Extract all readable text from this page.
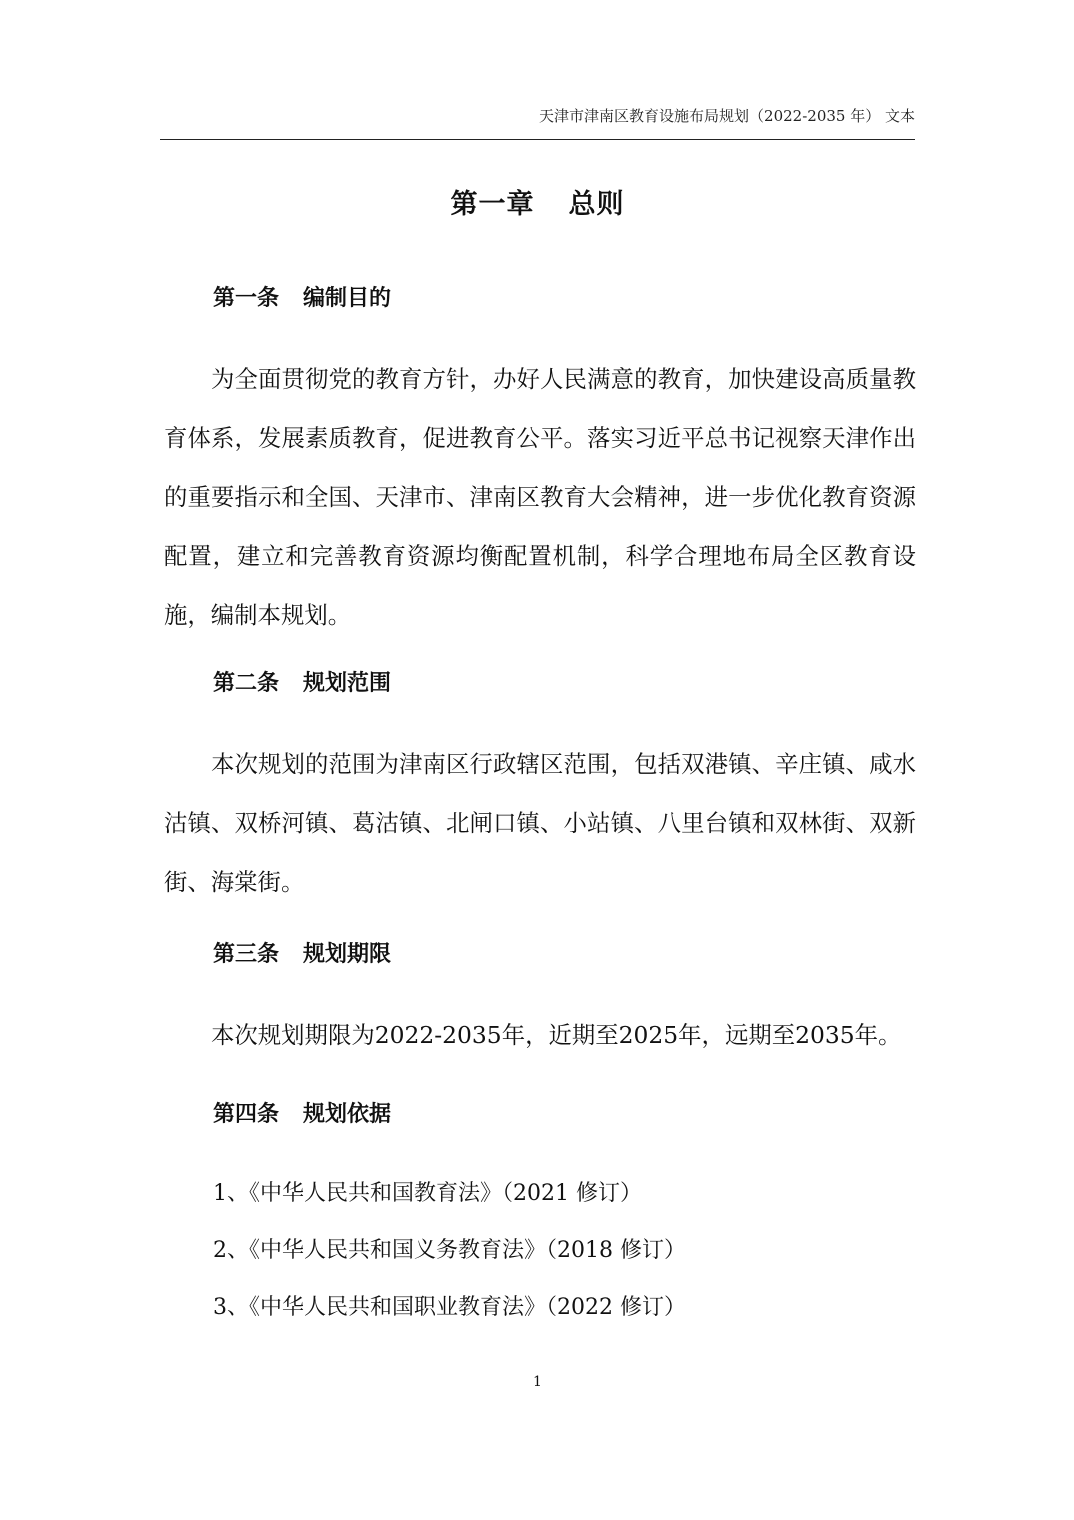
天津市津南区教育设施布局规划（2022-2035 年） 文本
第一章 总则
第一条 编制目的

为全面贯彻党的教育方针，办好人民满意的教育，加快建设高质量教育体系，发展素质教育，促进教育公平。落实习近平总书记视察天津作出的重要指示和全国、天津市、津南区教育大会精神，进一步优化教育资源配置，建立和完善教育资源均衡配置机制，科学合理地布局全区教育设施，编制本规划。

第二条 规划范围

本次规划的范围为津南区行政辖区范围，包括双港镇、辛庄镇、咸水沽镇、双桥河镇、葛沽镇、北闸口镇、小站镇、八里台镇和双林街、双新街、海棠街。

第三条 规划期限

本次规划期限为2022-2035年，近期至2025年，远期至2035年。

第四条 规划依据
1、《中华人民共和国教育法》（2021 修订）
2、《中华人民共和国义务教育法》（2018 修订）
3、《中华人民共和国职业教育法》（2022 修订）
1
